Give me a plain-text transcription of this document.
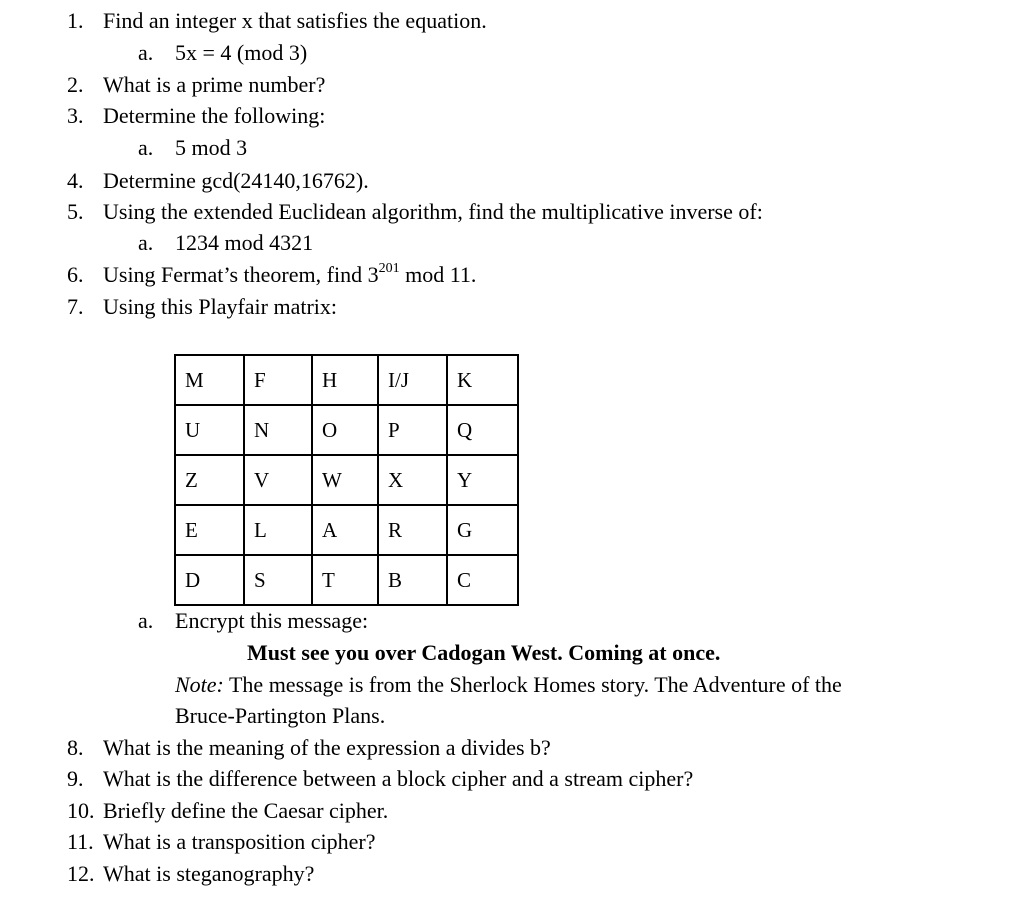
1. Find an integer x that satisfies the equation.
a. 5x = 4 (mod 3)
2. What is a prime number?
3. Determine the following:
a. 5 mod 3
4. Determine gcd(24140,16762).
5. Using the extended Euclidean algorithm, find the multiplicative inverse of:
a. 1234 mod 4321
6. Using Fermat’s theorem, find $3^{201}$ mod 11.
7. Using this Playfair matrix:
M	F	H	I/J	K
U	N	O	P	Q
Z	V	W	X	Y
E	L	A	R	G
D	S	T	B	C
a. Encrypt this message:
Must see you over Cadogan West. Coming at once.
Note: The message is from the Sherlock Homes story. The Adventure of the
Bruce-Partington Plans.
8. What is the meaning of the expression a divides b?
9. What is the difference between a block cipher and a stream cipher?
10. Briefly define the Caesar cipher.
11. What is a transposition cipher?
12. What is steganography?
